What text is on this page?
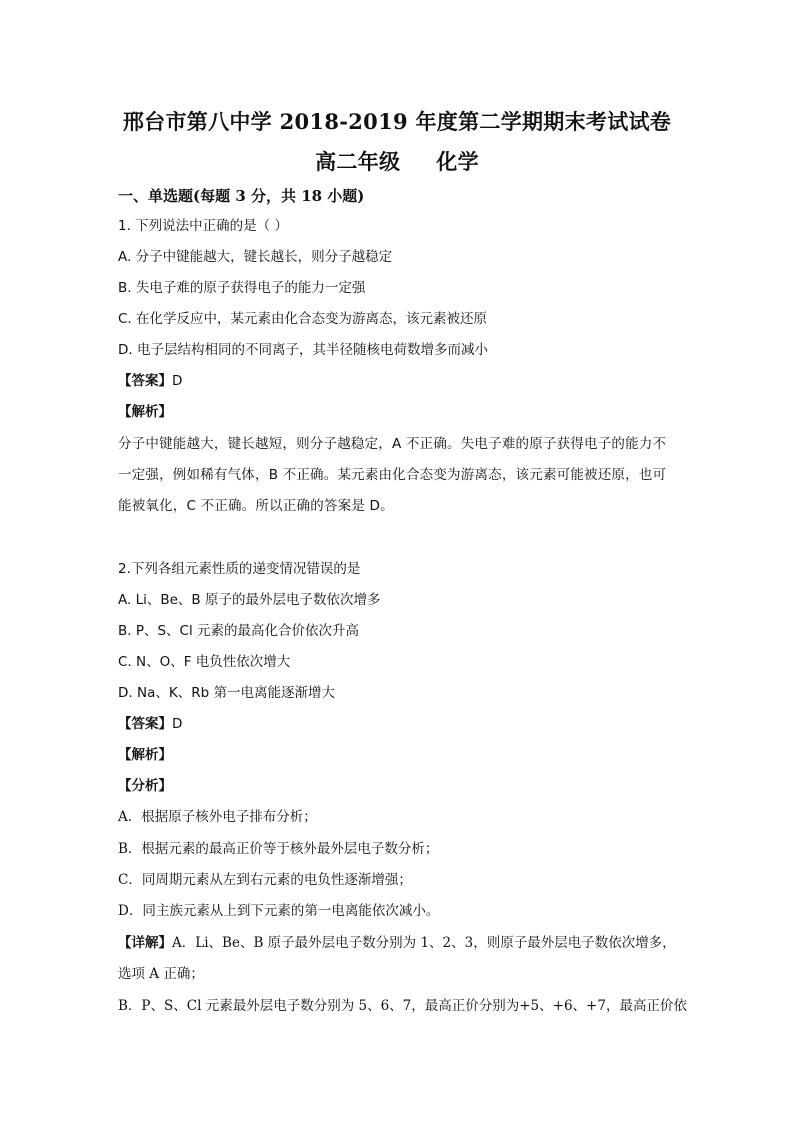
邢台市第八中学 2018-2019 年度第二学期期末考试试卷
高二年级 化学
一、单选题(每题 3 分，共 18 小题)
1. 下列说法中正确的是（ ）
A. 分子中键能越大，键长越长，则分子越稳定
B. 失电子难的原子获得电子的能力一定强
C. 在化学反应中，某元素由化合态变为游离态，该元素被还原
D. 电子层结构相同的不同离子，其半径随核电荷数增多而减小
【答案】D
【解析】
分子中键能越大，键长越短，则分子越稳定，A 不正确。失电子难的原子获得电子的能力不
一定强，例如稀有气体，B 不正确。某元素由化合态变为游离态，该元素可能被还原，也可
能被氧化，C 不正确。所以正确的答案是 D。
2.下列各组元素性质的递变情况错误的是
A. Li、Be、B 原子的最外层电子数依次增多
B. P、S、Cl 元素的最高化合价依次升高
C. N、O、F 电负性依次增大
D. Na、K、Rb 第一电离能逐渐增大
【答案】D
【解析】
【分析】
A．根据原子核外电子排布分析；
B．根据元素的最高正价等于核外最外层电子数分析；
C．同周期元素从左到右元素的电负性逐渐增强；
D．同主族元素从上到下元素的第一电离能依次减小。
【详解】A．Li、Be、B 原子最外层电子数分别为 1、2、3，则原子最外层电子数依次增多，
选项 A 正确；
B．P、S、Cl 元素最外层电子数分别为 5、6、7，最高正价分别为+5、+6、+7，最高正价依
